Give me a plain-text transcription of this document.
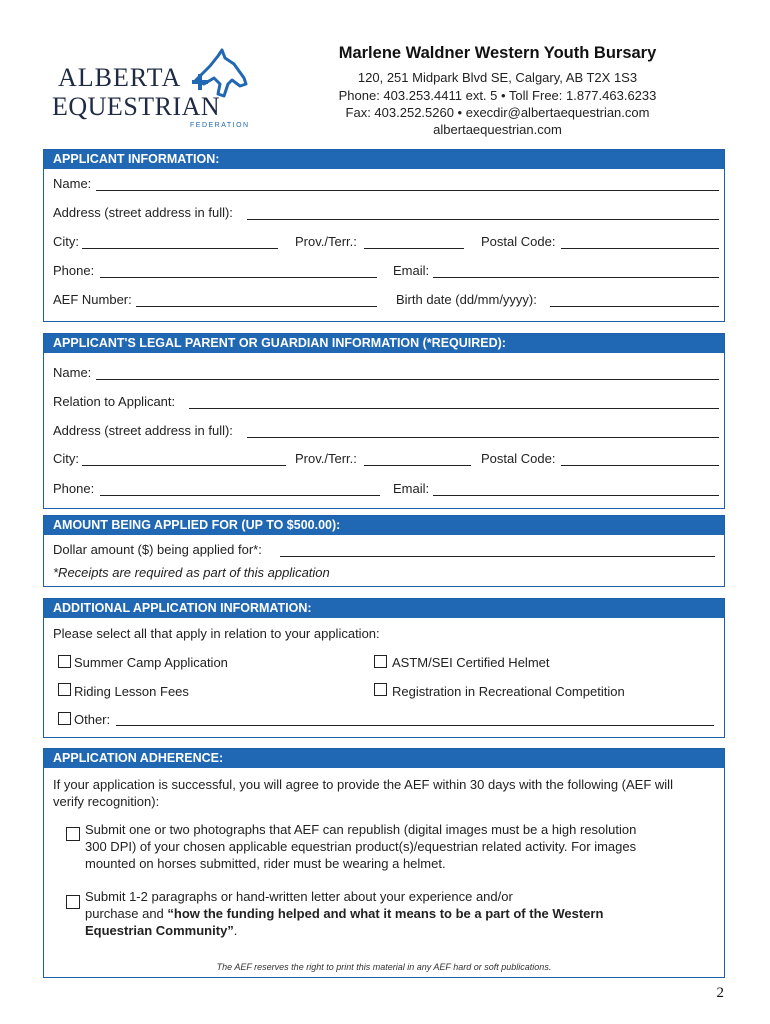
ALBERTA
EQUESTRIAN
FEDERATION
Marlene Waldner Western Youth Bursary
120, 251 Midpark Blvd SE, Calgary, AB T2X 1S3
Phone: 403.253.4411 ext. 5 • Toll Free: 1.877.463.6233
Fax: 403.252.5260 • execdir@albertaequestrian.com
albertaequestrian.com
APPLICANT INFORMATION:
Name:
Address (street address in full):
City:	Prov./Terr.:	Postal Code:
Phone:	Email:
AEF Number:	Birth date (dd/mm/yyyy):
APPLICANT'S LEGAL PARENT OR GUARDIAN INFORMATION (*REQUIRED):
Name:
Relation to Applicant:
Address (street address in full):
City:	Prov./Terr.:	Postal Code:
Phone:	Email:
AMOUNT BEING APPLIED FOR (UP TO $500.00):
Dollar amount ($) being applied for*:
*Receipts are required as part of this application
ADDITIONAL APPLICATION INFORMATION:
Please select all that apply in relation to your application:
Summer Camp Application	ASTM/SEI Certified Helmet
Riding Lesson Fees	Registration in Recreational Competition
Other:
APPLICATION ADHERENCE:
If your application is successful, you will agree to provide the AEF within 30 days with the following (AEF will
verify recognition):
Submit one or two photographs that AEF can republish (digital images must be a high resolution
300 DPI) of your chosen applicable equestrian product(s)/equestrian related activity. For images
mounted on horses submitted, rider must be wearing a helmet.
Submit 1-2 paragraphs or hand-written letter about your experience and/or
purchase and “how the funding helped and what it means to be a part of the Western
Equestrian Community”.
The AEF reserves the right to print this material in any AEF hard or soft publications.
2
